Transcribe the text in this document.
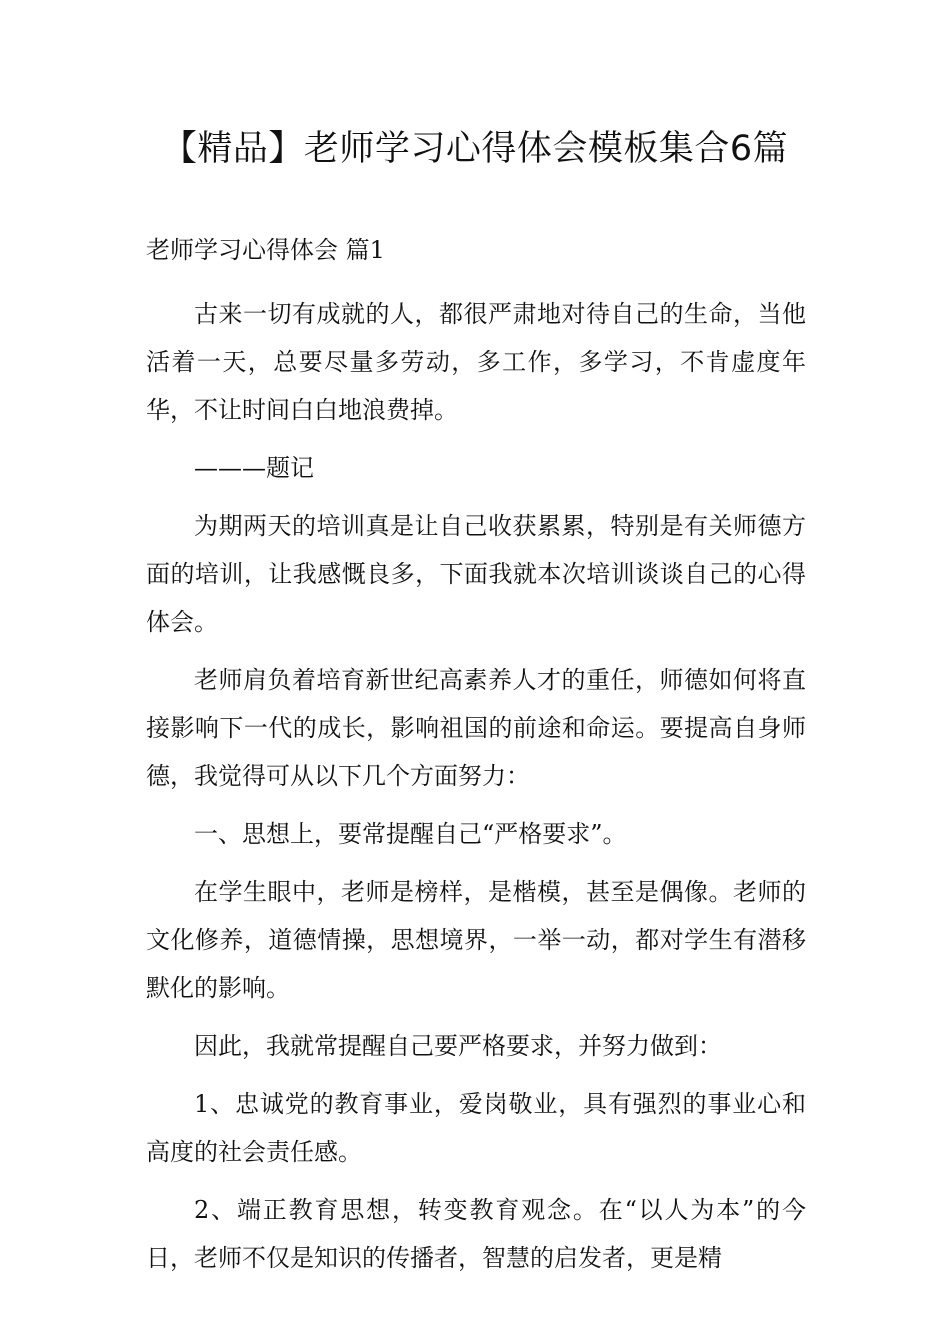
【精品】老师学习心得体会模板集合6篇
老师学习心得体会 篇1

古来一切有成就的人，都很严肃地对待自己的生命，当他活着一天，总要尽量多劳动，多工作，多学习，不肯虚度年华，不让时间白白地浪费掉。

———题记

为期两天的培训真是让自己收获累累，特别是有关师德方面的培训，让我感慨良多，下面我就本次培训谈谈自己的心得体会。

老师肩负着培育新世纪高素养人才的重任，师德如何将直接影响下一代的成长，影响祖国的前途和命运。要提高自身师德，我觉得可从以下几个方面努力：

一、思想上，要常提醒自己“严格要求”。

在学生眼中，老师是榜样，是楷模，甚至是偶像。老师的文化修养，道德情操，思想境界，一举一动，都对学生有潜移默化的影响。

因此，我就常提醒自己要严格要求，并努力做到：

1、忠诚党的教育事业，爱岗敬业，具有强烈的事业心和高度的社会责任感。

2、端正教育思想，转变教育观念。在“以人为本”的今日，老师不仅是知识的传播者，智慧的启发者，更是精
